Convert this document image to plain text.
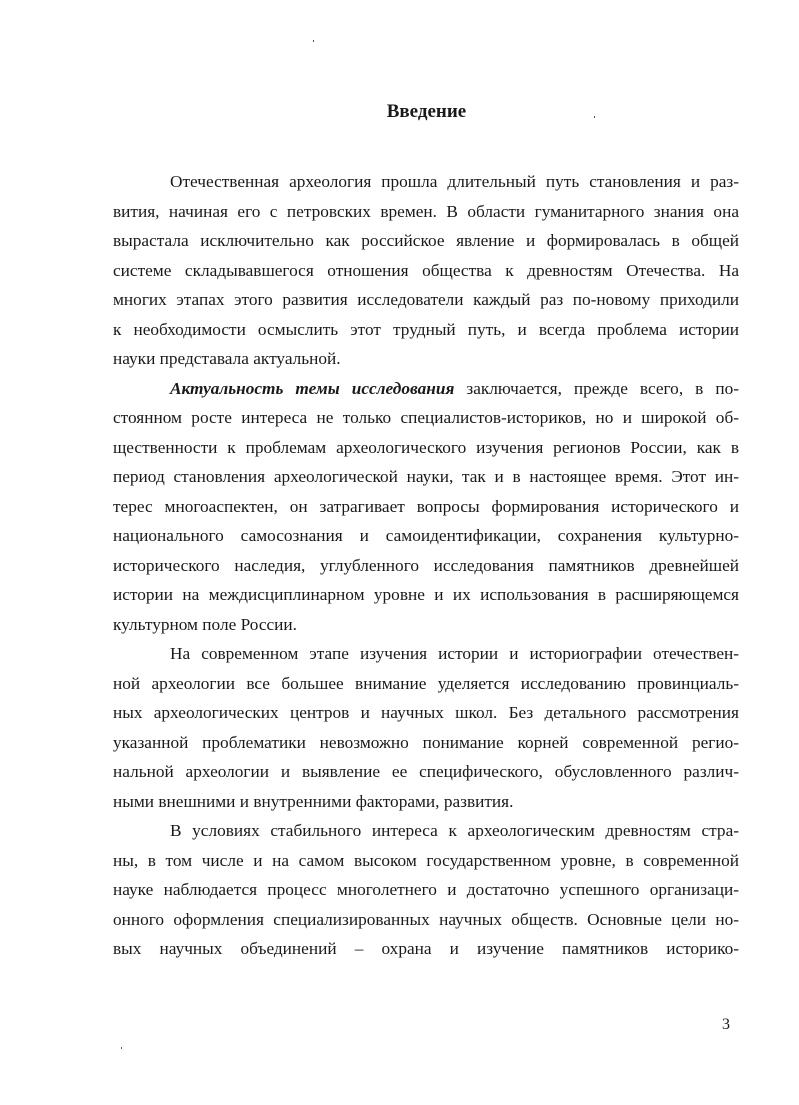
Введение
Отечественная археология прошла длительный путь становления и раз-
вития, начиная его с петровских времен. В области гуманитарного знания она
вырастала исключительно как российское явление и формировалась в общей
системе складывавшегося отношения общества к древностям Отечества. На
многих этапах этого развития исследователи каждый раз по-новому приходили
к необходимости осмыслить этот трудный путь, и всегда проблема истории
науки представала актуальной.
Актуальность темы исследования заключается, прежде всего, в по-
стоянном росте интереса не только специалистов-историков, но и широкой об-
щественности к проблемам археологического изучения регионов России, как в
период становления археологической науки, так и в настоящее время. Этот ин-
терес многоаспектен, он затрагивает вопросы формирования исторического и
национального самосознания и самоидентификации, сохранения культурно-
исторического наследия, углубленного исследования памятников древнейшей
истории на междисциплинарном уровне и их использования в расширяющемся
культурном поле России.
На современном этапе изучения истории и историографии отечествен-
ной археологии все большее внимание уделяется исследованию провинциаль-
ных археологических центров и научных школ. Без детального рассмотрения
указанной проблематики невозможно понимание корней современной регио-
нальной археологии и выявление ее специфического, обусловленного различ-
ными внешними и внутренними факторами, развития.
В условиях стабильного интереса к археологическим древностям стра-
ны, в том числе и на самом высоком государственном уровне, в современной
науке наблюдается процесс многолетнего и достаточно успешного организаци-
онного оформления специализированных научных обществ. Основные цели но-
вых научных объединений – охрана и изучение памятников историко-

3
